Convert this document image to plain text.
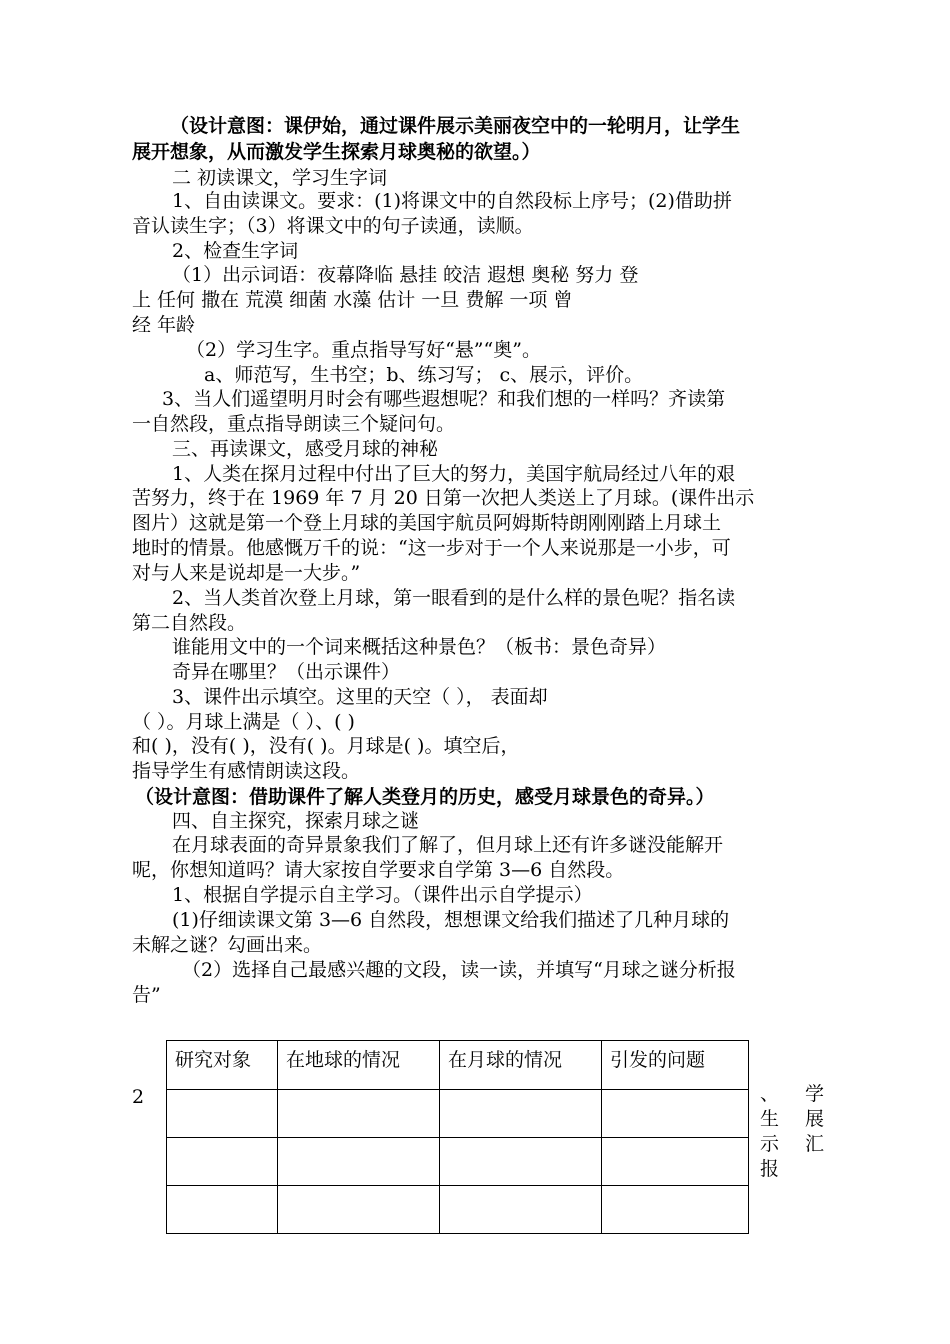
（设计意图：课伊始，通过课件展示美丽夜空中的一轮明月，让学生
展开想象，从而激发学生探索月球奥秘的欲望。）
二 初读课文，学习生字词
1、自由读课文。要求：(1)将课文中的自然段标上序号；(2)借助拼
音认读生字；（3）将课文中的句子读通，读顺。
2、检查生字词
（1）出示词语：夜幕降临 悬挂 皎洁 遐想 奥秘 努力 登
上 任何 撒在 荒漠 细菌 水藻 估计 一旦 费解 一项 曾
经 年龄
（2）学习生字。重点指导写好“悬”“奥”。
a、师范写，生书空；b、练习写； c、展示，评价。
3、当人们遥望明月时会有哪些遐想呢？和我们想的一样吗？齐读第
一自然段，重点指导朗读三个疑问句。
三、再读课文，感受月球的神秘
1、人类在探月过程中付出了巨大的努力，美国宇航局经过八年的艰
苦努力，终于在 1969 年 7 月 20 日第一次把人类送上了月球。(课件出示
图片）这就是第一个登上月球的美国宇航员阿姆斯特朗刚刚踏上月球土
地时的情景。他感慨万千的说：“这一步对于一个人来说那是一小步，可
对与人来是说却是一大步。”
2、当人类首次登上月球，第一眼看到的是什么样的景色呢？指名读
第二自然段。
谁能用文中的一个词来概括这种景色？（板书：景色奇异）
奇异在哪里？（出示课件）
3、课件出示填空。这里的天空（ ）， 表面却
（ ）。月球上满是（ ）、( )
和( )，没有( )，没有( )。月球是( )。填空后，
指导学生有感情朗读这段。
（设计意图：借助课件了解人类登月的历史，感受月球景色的奇异。）
四、自主探究，探索月球之谜
在月球表面的奇异景象我们了解了，但月球上还有许多谜没能解开
呢，你想知道吗？请大家按自学要求自学第 3—6 自然段。
1、根据自学提示自主学习。（课件出示自学提示）
(1)仔细读课文第 3—6 自然段，想想课文给我们描述了几种月球的
未解之谜？勾画出来。
（2）选择自己最感兴趣的文段，读一读，并填写“月球之谜分析报
告”
2
研究对象	在地球的情况	在月球的情况	引发的问题

、 学
生 展
示 汇
报
